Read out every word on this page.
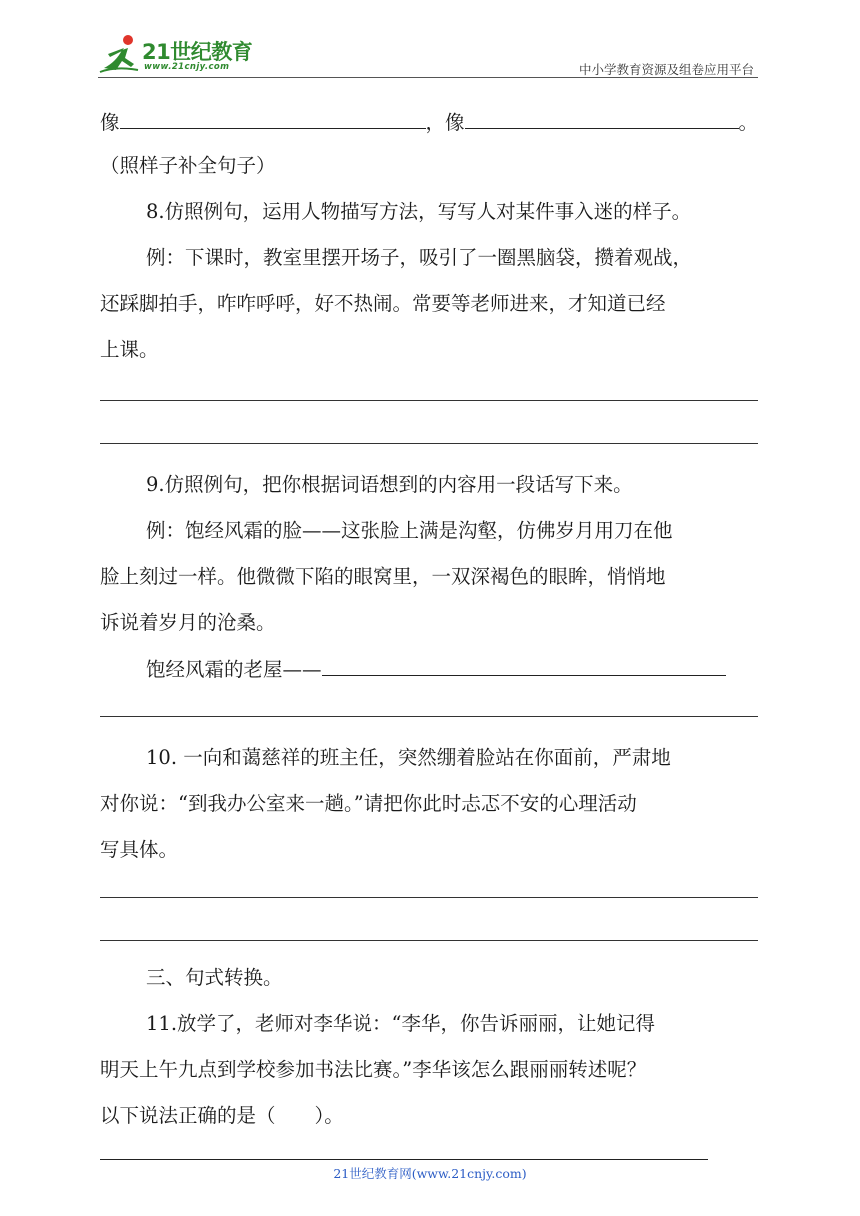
21世纪教育
www.21cnjy.com	中小学教育资源及组卷应用平台
像	，像	。
（照样子补全句子）
8.仿照例句，运用人物描写方法，写写人对某件事入迷的样子。
例：下课时，教室里摆开场子，吸引了一圈黑脑袋，攒着观战，
还踩脚拍手，咋咋呼呼，好不热闹。常要等老师进来，才知道已经
上课。
9.仿照例句，把你根据词语想到的内容用一段话写下来。
例：饱经风霜的脸——这张脸上满是沟壑，仿佛岁月用刀在他
脸上刻过一样。他微微下陷的眼窝里，一双深褐色的眼眸，悄悄地
诉说着岁月的沧桑。
饱经风霜的老屋——
10. 一向和蔼慈祥的班主任，突然绷着脸站在你面前，严肃地
对你说：“到我办公室来一趟。”请把你此时忐忑不安的心理活动
写具体。
三、句式转换。
11.放学了，老师对李华说：“李华，你告诉丽丽，让她记得
明天上午九点到学校参加书法比赛。”李华该怎么跟丽丽转述呢？
以下说法正确的是（　　）。
21世纪教育网(www.21cnjy.com)
